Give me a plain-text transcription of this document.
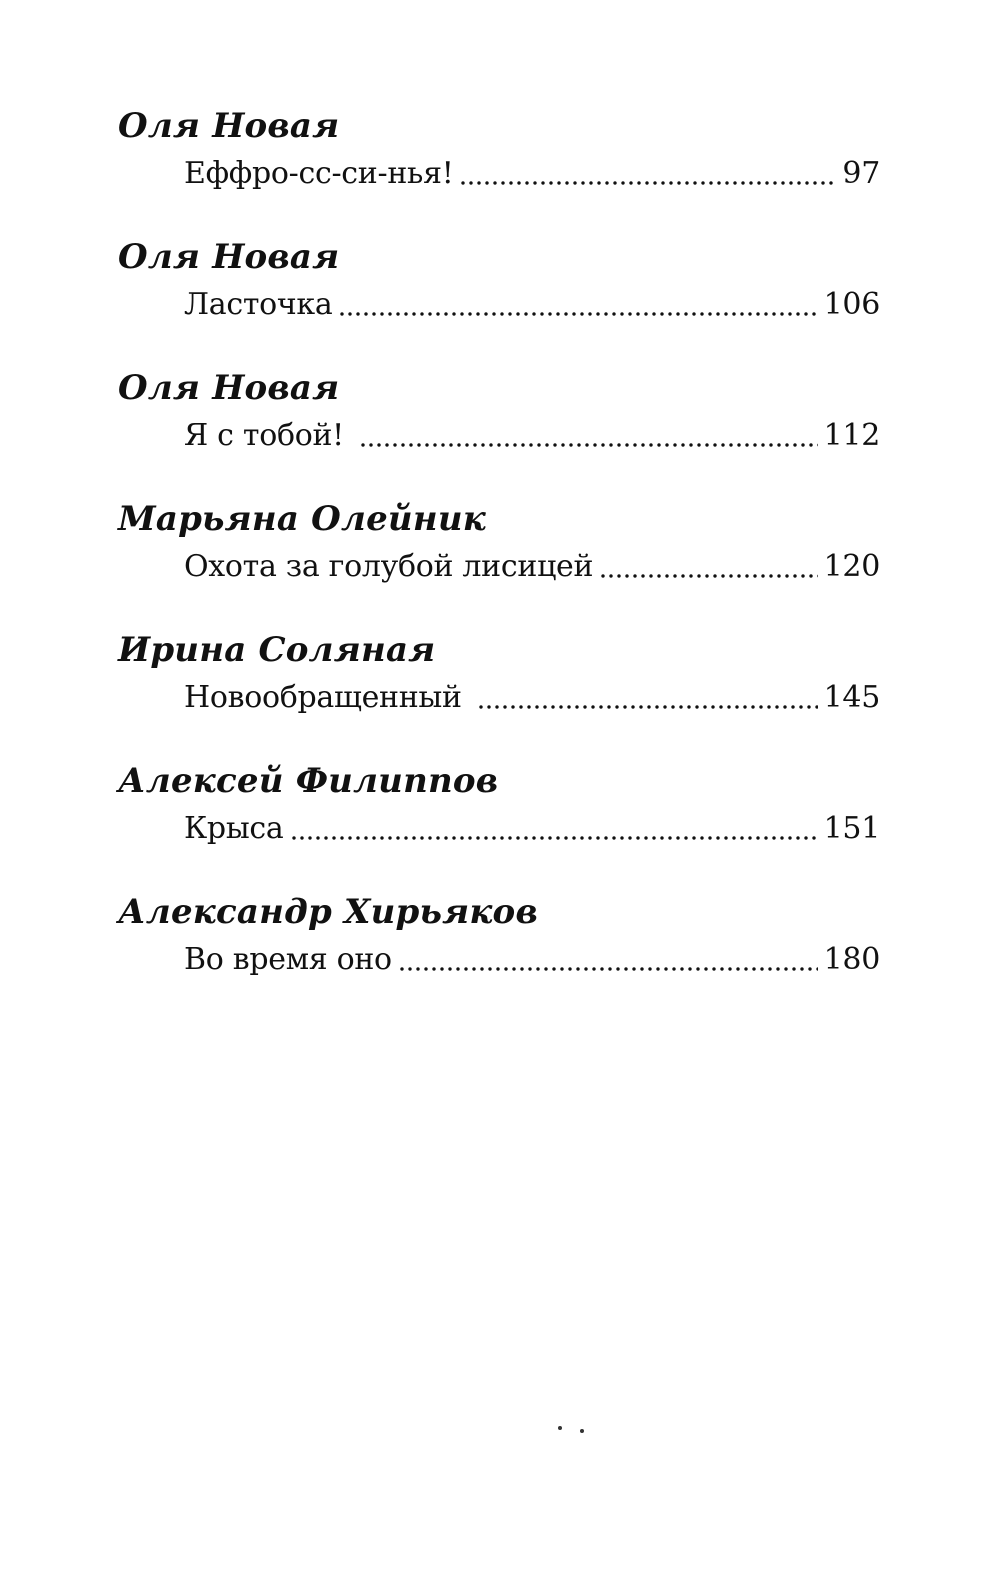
Оля Новая
Еффро-сс-си-нья!	97
Оля Новая
Ласточка	106
Оля Новая
Я с тобой!	112
Марьяна Олейник
Охота за голубой лисицей	120
Ирина Соляная
Новообращенный	145
Алексей Филиппов
Крыса	151
Александр Хирьяков
Во время оно	180
